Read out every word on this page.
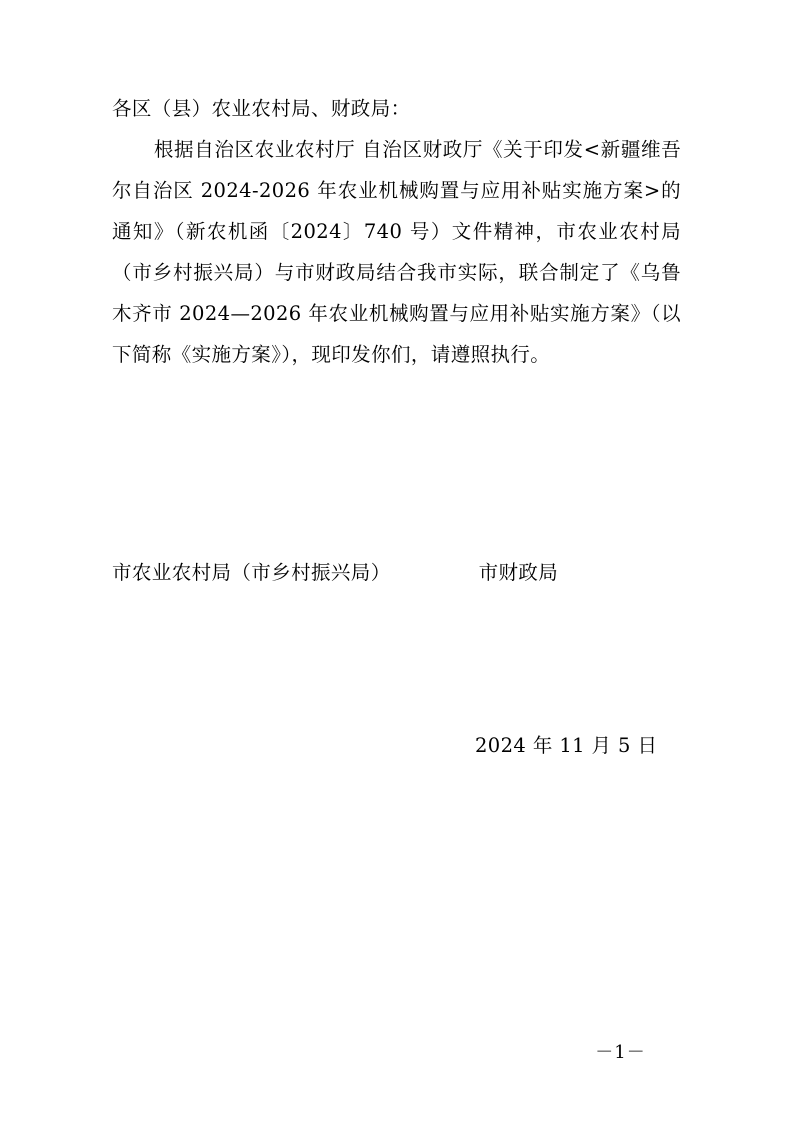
各区（县）农业农村局、财政局：

根据自治区农业农村厅 自治区财政厅《关于印发<新疆维吾尔自治区 2024-2026 年农业机械购置与应用补贴实施方案>的通知》（新农机函〔2024〕740 号）文件精神，市农业农村局（市乡村振兴局）与市财政局结合我市实际，联合制定了《乌鲁木齐市 2024—2026 年农业机械购置与应用补贴实施方案》（以下简称《实施方案》），现印发你们，请遵照执行。

市农业农村局（市乡村振兴局）	市财政局

2024 年 11 月 5 日
－1－
